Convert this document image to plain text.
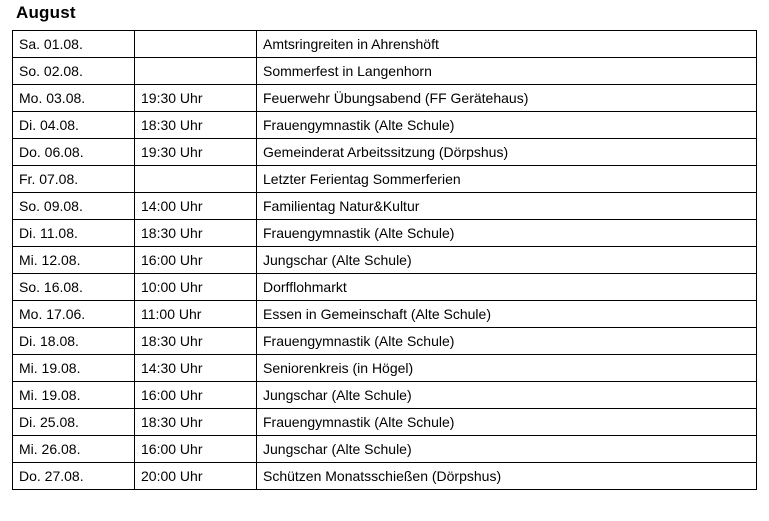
August
Sa. 01.08.		Amtsringreiten in Ahrenshöft
So. 02.08.		Sommerfest in Langenhorn
Mo. 03.08.	19:30 Uhr	Feuerwehr Übungsabend (FF Gerätehaus)
Di. 04.08.	18:30 Uhr	Frauengymnastik (Alte Schule)
Do. 06.08.	19:30 Uhr	Gemeinderat Arbeitssitzung (Dörpshus)
Fr. 07.08.		Letzter Ferientag Sommerferien
So. 09.08.	14:00 Uhr	Familientag Natur&Kultur
Di. 11.08.	18:30 Uhr	Frauengymnastik (Alte Schule)
Mi. 12.08.	16:00 Uhr	Jungschar (Alte Schule)
So. 16.08.	10:00 Uhr	Dorfflohmarkt
Mo. 17.06.	11:00 Uhr	Essen in Gemeinschaft (Alte Schule)
Di. 18.08.	18:30 Uhr	Frauengymnastik (Alte Schule)
Mi. 19.08.	14:30 Uhr	Seniorenkreis (in Högel)
Mi. 19.08.	16:00 Uhr	Jungschar (Alte Schule)
Di. 25.08.	18:30 Uhr	Frauengymnastik (Alte Schule)
Mi. 26.08.	16:00 Uhr	Jungschar (Alte Schule)
Do. 27.08.	20:00 Uhr	Schützen Monatsschießen (Dörpshus)
